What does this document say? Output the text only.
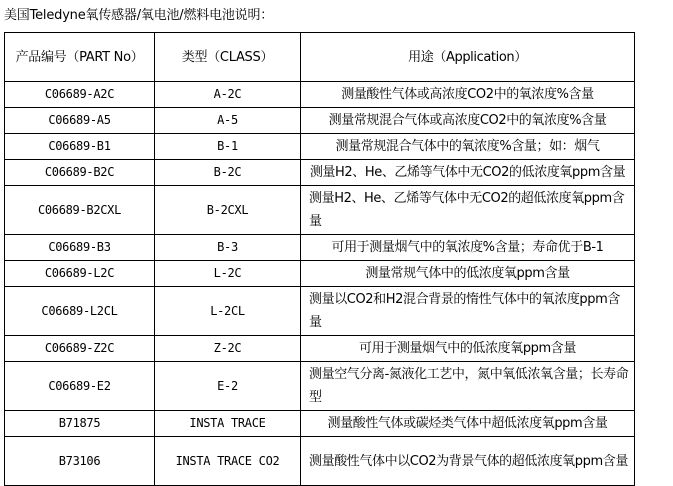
美国Teledyne氧传感器/氧电池/燃料电池说明：
产品编号（PART No）	类型（CLASS）	用途（Application）
C06689-A2C	A-2C	测量酸性气体或高浓度CO2中的氧浓度%含量
C06689-A5	A-5	测量常规混合气体或高浓度CO2中的氧浓度%含量
C06689-B1	B-1	测量常规混合气体中的氧浓度%含量；如：烟气
C06689-B2C	B-2C	测量H2、He、乙烯等气体中无CO2的低浓度氧ppm含量
C06689-B2CXL	B-2CXL	测量H2、He、乙烯等气体中无CO2的超低浓度氧ppm含量
C06689-B3	B-3	可用于测量烟气中的氧浓度%含量；寿命优于B-1
C06689-L2C	L-2C	测量常规气体中的低浓度氧ppm含量
C06689-L2CL	L-2CL	测量以CO2和H2混合背景的惰性气体中的氧浓度ppm含量
C06689-Z2C	Z-2C	可用于测量烟气中的低浓度氧ppm含量
C06689-E2	E-2	测量空气分离-氮液化工艺中，氮中氧低浓氧含量；长寿命型
B71875	INSTA TRACE	测量酸性气体或碳烃类气体中超低浓度氧ppm含量
B73106	INSTA TRACE CO2	测量酸性气体中以CO2为背景气体的超低浓度氧ppm含量
